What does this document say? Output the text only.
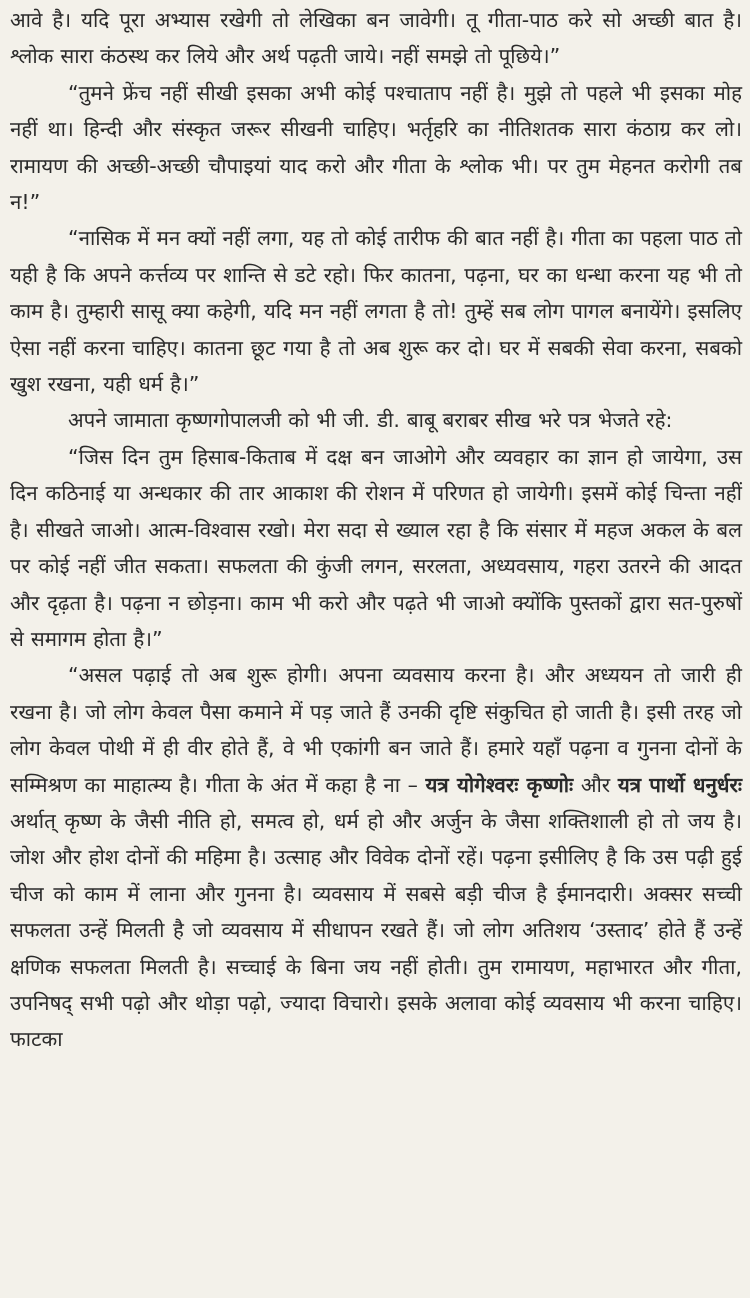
आवे है। यदि पूरा अभ्यास रखेगी तो लेखिका बन जावेगी। तू गीता-पाठ करे सो अच्छी बात है। श्लोक सारा कंठस्थ कर लिये और अर्थ पढ़ती जाये। नहीं समझे तो पूछिये।”

“तुमने फ्रेंच नहीं सीखी इसका अभी कोई पश्चाताप नहीं है। मुझे तो पहले भी इसका मोह नहीं था। हिन्दी और संस्कृत जरूर सीखनी चाहिए। भर्तृहरि का नीतिशतक सारा कंठाग्र कर लो। रामायण की अच्छी-अच्छी चौपाइयां याद करो और गीता के श्लोक भी। पर तुम मेहनत करोगी तब न!”

“नासिक में मन क्यों नहीं लगा, यह तो कोई तारीफ की बात नहीं है। गीता का पहला पाठ तो यही है कि अपने कर्त्तव्य पर शान्ति से डटे रहो। फिर कातना, पढ़ना, घर का धन्धा करना यह भी तो काम है। तुम्हारी सासू क्या कहेगी, यदि मन नहीं लगता है तो! तुम्हें सब लोग पागल बनायेंगे। इसलिए ऐसा नहीं करना चाहिए। कातना छूट गया है तो अब शुरू कर दो। घर में सबकी सेवा करना, सबको खुश रखना, यही धर्म है।”

अपने जामाता कृष्णगोपालजी को भी जी. डी. बाबू बराबर सीख भरे पत्र भेजते रहे:

“जिस दिन तुम हिसाब-किताब में दक्ष बन जाओगे और व्यवहार का ज्ञान हो जायेगा, उस दिन कठिनाई या अन्धकार की तार आकाश की रोशन में परिणत हो जायेगी। इसमें कोई चिन्ता नहीं है। सीखते जाओ। आत्म-विश्वास रखो। मेरा सदा से ख्याल रहा है कि संसार में महज अकल के बल पर कोई नहीं जीत सकता। सफलता की कुंजी लगन, सरलता, अध्यवसाय, गहरा उतरने की आदत और दृढ़ता है। पढ़ना न छोड़ना। काम भी करो और पढ़ते भी जाओ क्योंकि पुस्तकों द्वारा सत-पुरुषों से समागम होता है।”

“असल पढ़ाई तो अब शुरू होगी। अपना व्यवसाय करना है। और अध्ययन तो जारी ही रखना है। जो लोग केवल पैसा कमाने में पड़ जाते हैं उनकी दृष्टि संकुचित हो जाती है। इसी तरह जो लोग केवल पोथी में ही वीर होते हैं, वे भी एकांगी बन जाते हैं। हमारे यहाँ पढ़ना व गुनना दोनों के सम्मिश्रण का माहात्म्य है। गीता के अंत में कहा है ना – यत्र योगेश्वरः कृष्णोः और यत्र पार्थो धनुर्धरः अर्थात् कृष्ण के जैसी नीति हो, समत्व हो, धर्म हो और अर्जुन के जैसा शक्तिशाली हो तो जय है। जोश और होश दोनों की महिमा है। उत्साह और विवेक दोनों रहें। पढ़ना इसीलिए है कि उस पढ़ी हुई चीज को काम में लाना और गुनना है। व्यवसाय में सबसे बड़ी चीज है ईमानदारी। अक्सर सच्ची सफलता उन्हें मिलती है जो व्यवसाय में सीधापन रखते हैं। जो लोग अतिशय ‘उस्ताद’ होते हैं उन्हें क्षणिक सफलता मिलती है। सच्चाई के बिना जय नहीं होती। तुम रामायण, महाभारत और गीता, उपनिषद् सभी पढ़ो और थोड़ा पढ़ो, ज्यादा विचारो। इसके अलावा कोई व्यवसाय भी करना चाहिए। फाटका
